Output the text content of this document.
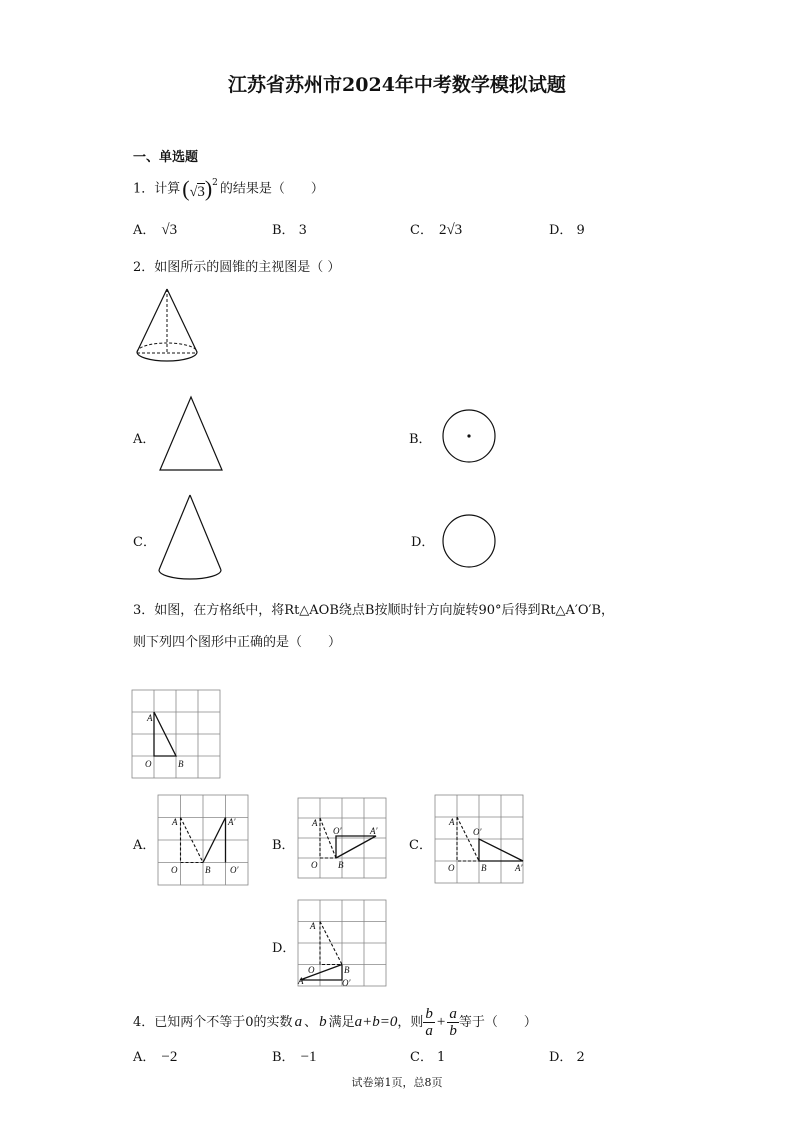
江苏省苏州市2024年中考数学模拟试题
一、单选题
1．计算$(√3)^2$ 的结果是（　　）
A． √3	B． 3	C． 2√3	D． 9
2．如图所示的圆锥的主视图是（ ）
A．	B．
C．	D．
3．如图，在方格纸中，将Rt△AOB绕点B按顺时针方向旋转90°后得到Rt△A′O′B，
则下列四个图形中正确的是（　　）
A
O	B
A．
A	A′
O	B O′
B．
A
O′	A′
O B
C．
A
O′
O	B	A′
D．
A
O	B
A′	O′
4．已知两个不等于0的实数 a 、 b 满足a+b=0，则 $\frac{b}{a} + \frac{a}{b}$ 等于（　　）
A． −2	B． −1	C． 1	D． 2
试卷第1页，总8页
